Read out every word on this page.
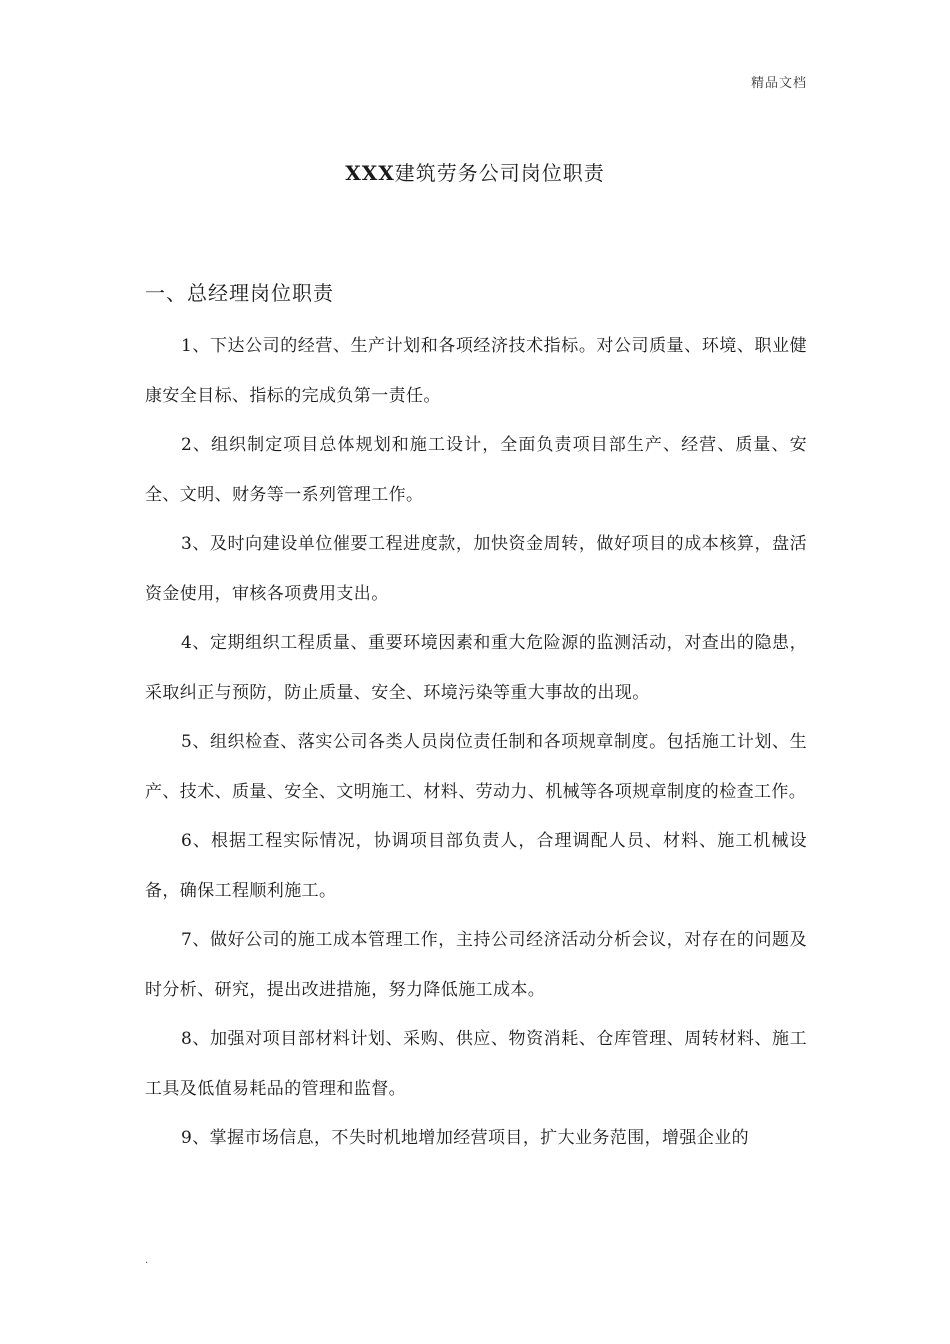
精品文档
XXX建筑劳务公司岗位职责
一、总经理岗位职责

1、下达公司的经营、生产计划和各项经济技术指标。对公司质量、环境、职业健康安全目标、指标的完成负第一责任。

2、组织制定项目总体规划和施工设计，全面负责项目部生产、经营、质量、安全、文明、财务等一系列管理工作。

3、及时向建设单位催要工程进度款，加快资金周转，做好项目的成本核算，盘活资金使用，审核各项费用支出。

4、定期组织工程质量、重要环境因素和重大危险源的监测活动，对查出的隐患，采取纠正与预防，防止质量、安全、环境污染等重大事故的出现。

5、组织检查、落实公司各类人员岗位责任制和各项规章制度。包括施工计划、生产、技术、质量、安全、文明施工、材料、劳动力、机械等各项规章制度的检查工作。

6、根据工程实际情况，协调项目部负责人，合理调配人员、材料、施工机械设备，确保工程顺利施工。

7、做好公司的施工成本管理工作，主持公司经济活动分析会议，对存在的问题及时分析、研究，提出改进措施，努力降低施工成本。

8、加强对项目部材料计划、采购、供应、物资消耗、仓库管理、周转材料、施工工具及低值易耗品的管理和监督。

9、掌握市场信息，不失时机地增加经营项目，扩大业务范围，增强企业的

.
